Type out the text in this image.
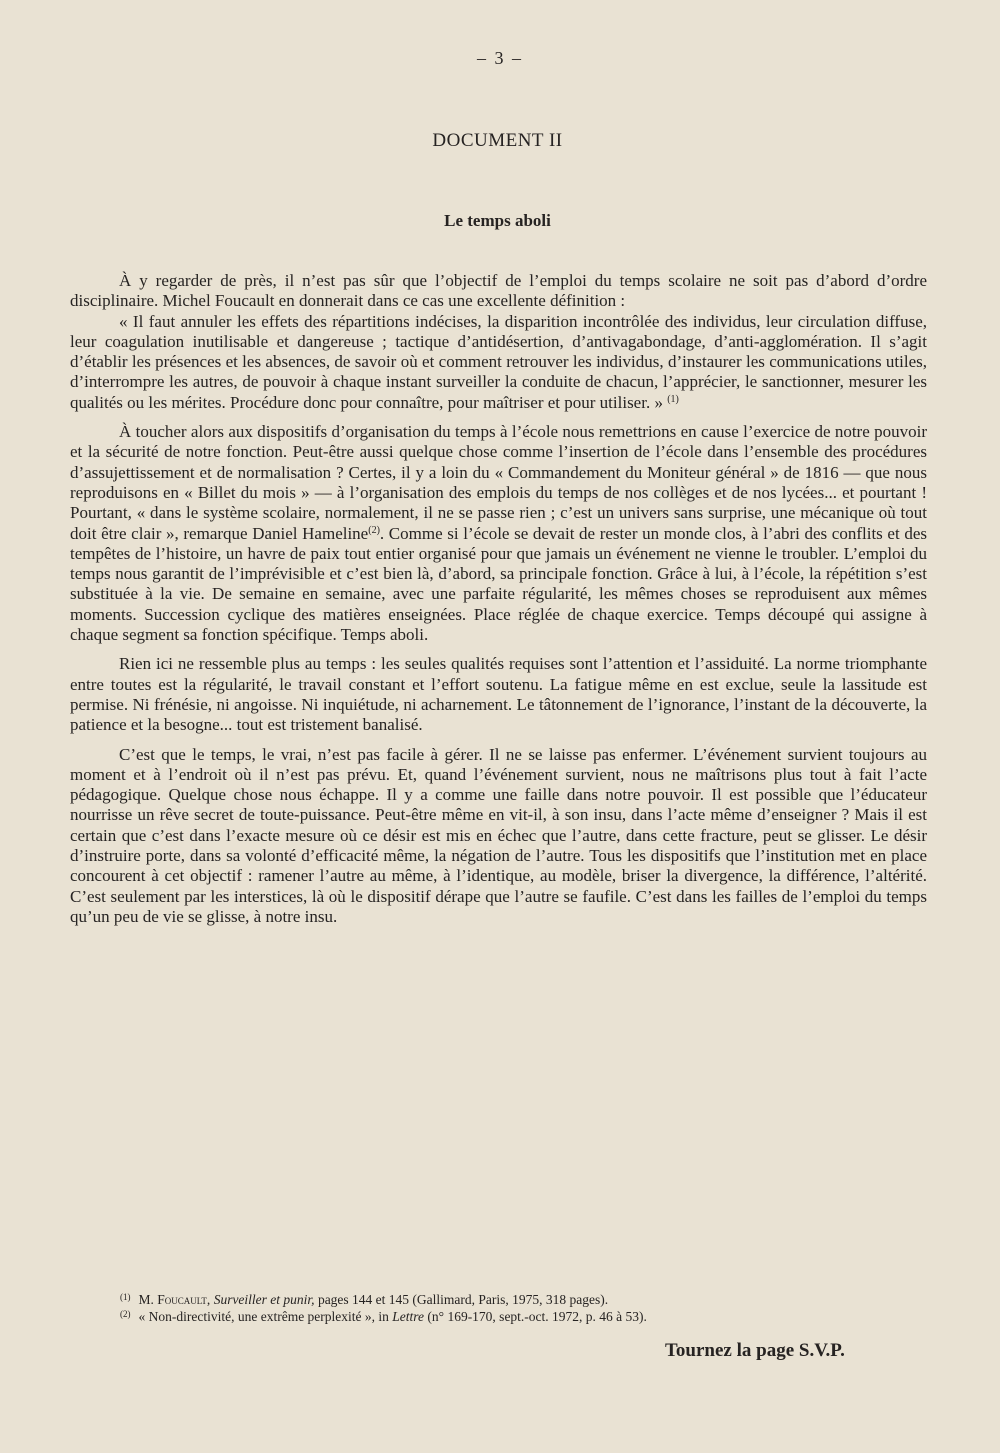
– 3 –
DOCUMENT II
Le temps aboli

À y regarder de près, il n’est pas sûr que l’objectif de l’emploi du temps scolaire ne soit pas d’abord d’ordre disciplinaire. Michel Foucault en donnerait dans ce cas une excellente définition :

« Il faut annuler les effets des répartitions indécises, la disparition incontrôlée des individus, leur circulation diffuse, leur coagulation inutilisable et dangereuse ; tactique d’antidésertion, d’antivagabondage, d’anti-agglomération. Il s’agit d’établir les présences et les absences, de savoir où et comment retrouver les individus, d’instaurer les communications utiles, d’interrompre les autres, de pouvoir à chaque instant surveiller la conduite de chacun, l’apprécier, le sanctionner, mesurer les qualités ou les mérites. Procédure donc pour connaître, pour maîtriser et pour utiliser. » $^{(1)}$

À toucher alors aux dispositifs d’organisation du temps à l’école nous remettrions en cause l’exercice de notre pouvoir et la sécurité de notre fonction. Peut-être aussi quelque chose comme l’insertion de l’école dans l’ensemble des procédures d’assujettissement et de normalisation ? Certes, il y a loin du « Commandement du Moniteur général » de 1816 — que nous reproduisons en « Billet du mois » — à l’organisation des emplois du temps de nos collèges et de nos lycées... et pourtant ! Pourtant, « dans le système scolaire, normalement, il ne se passe rien ; c’est un univers sans surprise, une mécanique où tout doit être clair », remarque Daniel Hameline$^{(2)}$. Comme si l’école se devait de rester un monde clos, à l’abri des conflits et des tempêtes de l’histoire, un havre de paix tout entier organisé pour que jamais un événement ne vienne le troubler. L’emploi du temps nous garantit de l’imprévisible et c’est bien là, d’abord, sa principale fonction. Grâce à lui, à l’école, la répétition s’est substituée à la vie. De semaine en semaine, avec une parfaite régularité, les mêmes choses se reproduisent aux mêmes moments. Succession cyclique des matières enseignées. Place réglée de chaque exercice. Temps découpé qui assigne à chaque segment sa fonction spécifique. Temps aboli.

Rien ici ne ressemble plus au temps : les seules qualités requises sont l’attention et l’assiduité. La norme triomphante entre toutes est la régularité, le travail constant et l’effort soutenu. La fatigue même en est exclue, seule la lassitude est permise. Ni frénésie, ni angoisse. Ni inquiétude, ni acharnement. Le tâtonnement de l’ignorance, l’instant de la découverte, la patience et la besogne... tout est tristement banalisé.

C’est que le temps, le vrai, n’est pas facile à gérer. Il ne se laisse pas enfermer. L’événement survient toujours au moment et à l’endroit où il n’est pas prévu. Et, quand l’événement survient, nous ne maîtrisons plus tout à fait l’acte pédagogique. Quelque chose nous échappe. Il y a comme une faille dans notre pouvoir. Il est possible que l’éducateur nourrisse un rêve secret de toute-puissance. Peut-être même en vit-il, à son insu, dans l’acte même d’enseigner ? Mais il est certain que c’est dans l’exacte mesure où ce désir est mis en échec que l’autre, dans cette fracture, peut se glisser. Le désir d’instruire porte, dans sa volonté d’efficacité même, la négation de l’autre. Tous les dispositifs que l’institution met en place concourent à cet objectif : ramener l’autre au même, à l’identique, au modèle, briser la divergence, la différence, l’altérité. C’est seulement par les interstices, là où le dispositif dérape que l’autre se faufile. C’est dans les failles de l’emploi du temps qu’un peu de vie se glisse, à notre insu.

$^{(1)}$ M. Foucault, Surveiller et punir, pages 144 et 145 (Gallimard, Paris, 1975, 318 pages).
$^{(2)}$ « Non-directivité, une extrême perplexité », in Lettre (n° 169-170, sept.-oct. 1972, p. 46 à 53).
Tournez la page S.V.P.
